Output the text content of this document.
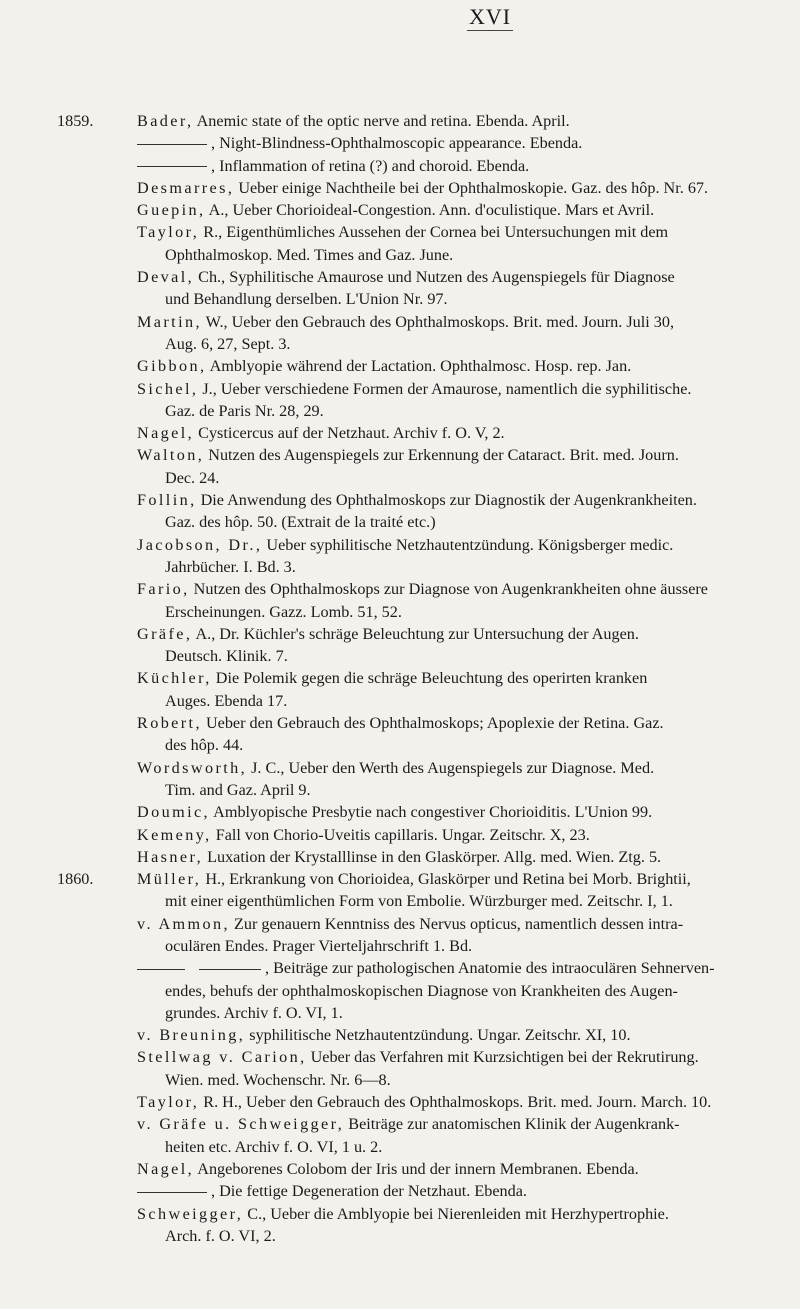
XVI
1859.	Bader, Anemic state of the optic nerve and retina. Ebenda. April.
, Night-Blindness-Ophthalmoscopic appearance. Ebenda.
, Inflammation of retina (?) and choroid. Ebenda.
Desmarres, Ueber einige Nachtheile bei der Ophthalmoskopie. Gaz. des hôp. Nr. 67.
Guepin, A., Ueber Chorioideal-Congestion. Ann. d'oculistique. Mars et Avril.
Taylor, R., Eigenthümliches Aussehen der Cornea bei Untersuchungen mit dem
Ophthalmoskop. Med. Times and Gaz. June.
Deval, Ch., Syphilitische Amaurose und Nutzen des Augenspiegels für Diagnose
und Behandlung derselben. L'Union Nr. 97.
Martin, W., Ueber den Gebrauch des Ophthalmoskops. Brit. med. Journ. Juli 30,
Aug. 6, 27, Sept. 3.
Gibbon, Amblyopie während der Lactation. Ophthalmosc. Hosp. rep. Jan.
Sichel, J., Ueber verschiedene Formen der Amaurose, namentlich die syphilitische.
Gaz. de Paris Nr. 28, 29.
Nagel, Cysticercus auf der Netzhaut. Archiv f. O. V, 2.
Walton, Nutzen des Augenspiegels zur Erkennung der Cataract. Brit. med. Journ.
Dec. 24.
Follin, Die Anwendung des Ophthalmoskops zur Diagnostik der Augenkrankheiten.
Gaz. des hôp. 50. (Extrait de la traité etc.)
Jacobson, Dr., Ueber syphilitische Netzhautentzündung. Königsberger medic.
Jahrbücher. I. Bd. 3.
Fario, Nutzen des Ophthalmoskops zur Diagnose von Augenkrankheiten ohne äussere
Erscheinungen. Gazz. Lomb. 51, 52.
Gräfe, A., Dr. Küchler's schräge Beleuchtung zur Untersuchung der Augen.
Deutsch. Klinik. 7.
Küchler, Die Polemik gegen die schräge Beleuchtung des operirten kranken
Auges. Ebenda 17.
Robert, Ueber den Gebrauch des Ophthalmoskops; Apoplexie der Retina. Gaz.
des hôp. 44.
Wordsworth, J. C., Ueber den Werth des Augenspiegels zur Diagnose. Med.
Tim. and Gaz. April 9.
Doumic, Amblyopische Presbytie nach congestiver Chorioiditis. L'Union 99.
Kemeny, Fall von Chorio-Uveitis capillaris. Ungar. Zeitschr. X, 23.
Hasner, Luxation der Krystalllinse in den Glaskörper. Allg. med. Wien. Ztg. 5.
1860.	Müller, H., Erkrankung von Chorioidea, Glaskörper und Retina bei Morb. Brightii,
mit einer eigenthümlichen Form von Embolie. Würzburger med. Zeitschr. I, 1.
v. Ammon, Zur genauern Kenntniss des Nervus opticus, namentlich dessen intra-
oculären Endes. Prager Vierteljahrschrift 1. Bd.
, Beiträge zur pathologischen Anatomie des intraoculären Sehnerven-
endes, behufs der ophthalmoskopischen Diagnose von Krankheiten des Augen-
grundes. Archiv f. O. VI, 1.
v. Breuning, syphilitische Netzhautentzündung. Ungar. Zeitschr. XI, 10.
Stellwag v. Carion, Ueber das Verfahren mit Kurzsichtigen bei der Rekrutirung.
Wien. med. Wochenschr. Nr. 6—8.
Taylor, R. H., Ueber den Gebrauch des Ophthalmoskops. Brit. med. Journ. March. 10.
v. Gräfe u. Schweigger, Beiträge zur anatomischen Klinik der Augenkrank-
heiten etc. Archiv f. O. VI, 1 u. 2.
Nagel, Angeborenes Colobom der Iris und der innern Membranen. Ebenda.
, Die fettige Degeneration der Netzhaut. Ebenda.
Schweigger, C., Ueber die Amblyopie bei Nierenleiden mit Herzhypertrophie.
Arch. f. O. VI, 2.
